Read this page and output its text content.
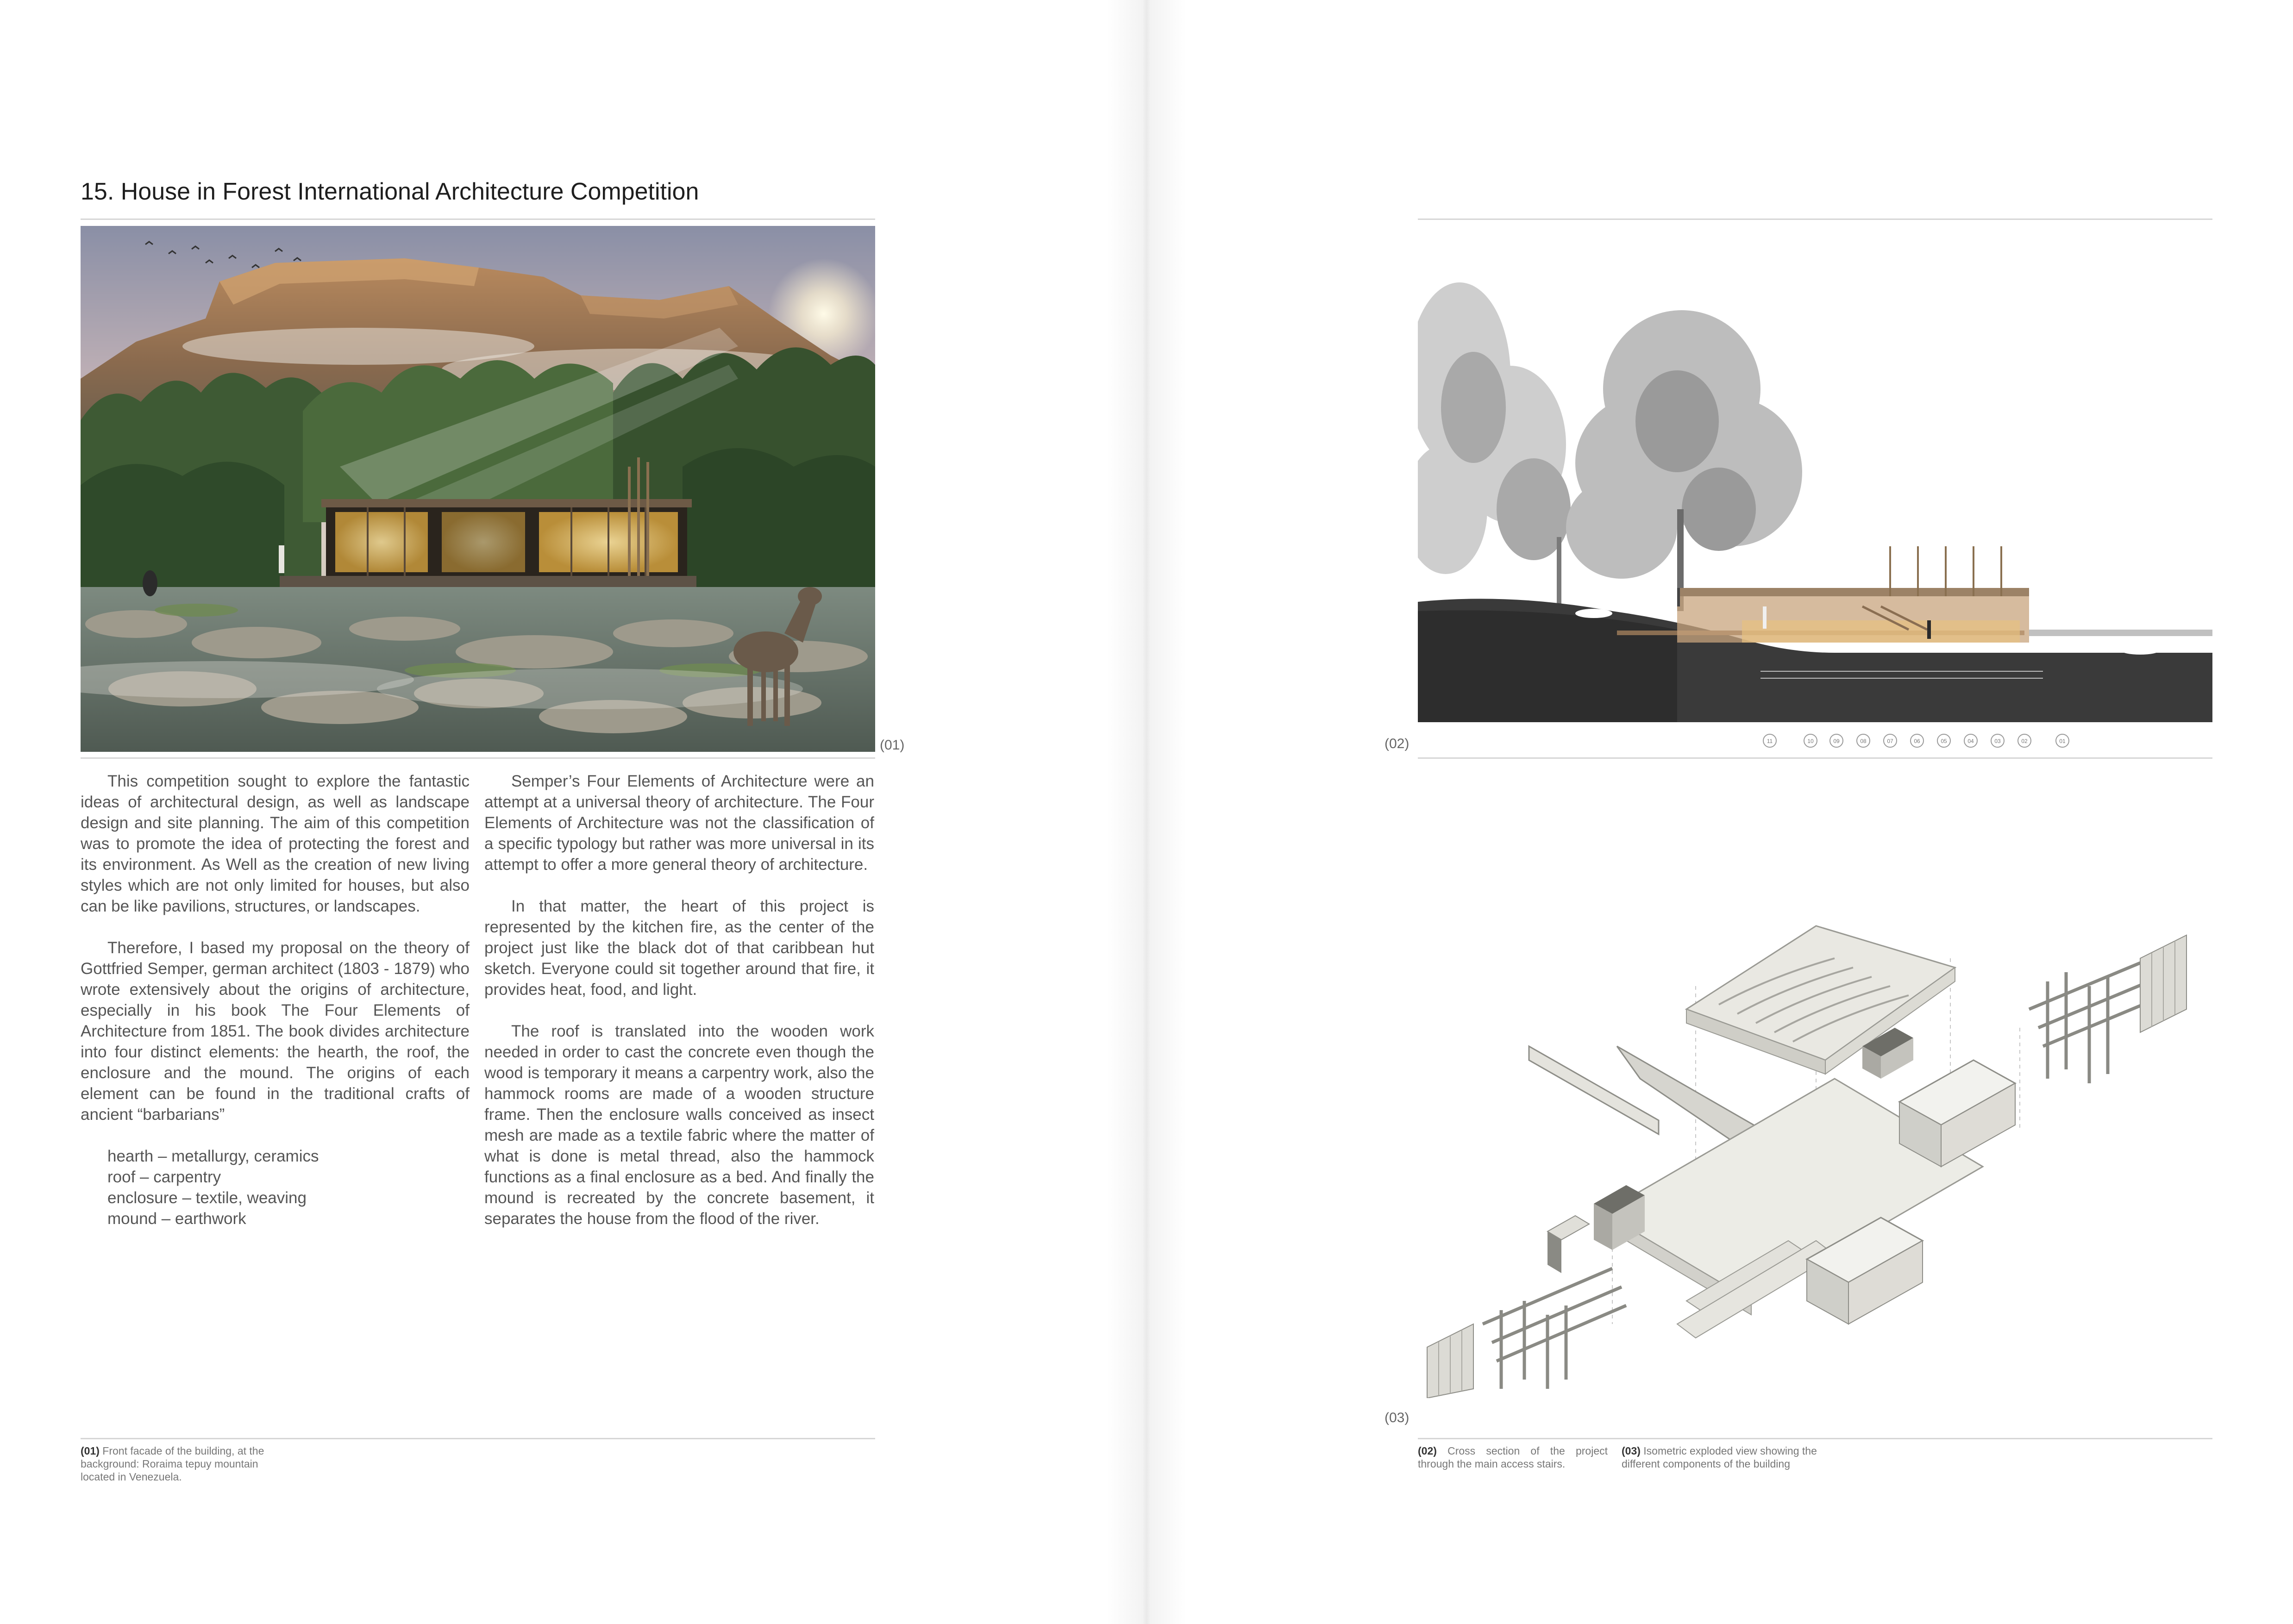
15. House in Forest International Architecture Competition
(01)

This competition sought to explore the fantastic ideas of architectural design, as well as landscape design and site planning. The aim of this competition was to promote the idea of protecting the forest and its environment. As Well as the creation of new living styles which are not only limited for houses, but also can be like pavilions, structures, or landscapes.

Therefore, I based my proposal on the theory of Gottfried Semper, german architect (1803 - 1879) who wrote extensively about the origins of architecture, especially in his book The Four Elements of Architecture from 1851. The book divides architecture into four distinct elements: the hearth, the roof, the enclosure and the mound. The origins of each element can be found in the traditional crafts of ancient “barbarians”

hearth – metallurgy, ceramics
roof – carpentry
enclosure – textile, weaving
mound – earthwork

Semper’s Four Elements of Architecture were an attempt at a universal theory of architecture. The Four Elements of Architecture was not the classification of a specific typology but rather was more universal in its attempt to offer a more general theory of architecture.

In that matter, the heart of this project is represented by the kitchen fire, as the center of the project just like the black dot of that caribbean hut sketch. Everyone could sit together around that fire, it provides heat, food, and light.

The roof is translated into the wooden work needed in order to cast the concrete even though the wood is temporary it means a carpentry work, also the hammock rooms are made of a wooden structure frame. Then the enclosure walls conceived as insect mesh are made as a textile fabric where the matter of what is done is metal thread, also the hammock functions as a final enclosure as a bed. And finally the mound is recreated by the concrete basement, it separates the house from the flood of the river.

(01) Front facade of the building, at the background: Roraima tepuy mountain located in Venezuela.
11	10	09	08	07	06	05	04	03	02	01
(02)
(03)
(02) Cross section of the project through the main access stairs.
(03) Isometric exploded view showing the different components of the building
